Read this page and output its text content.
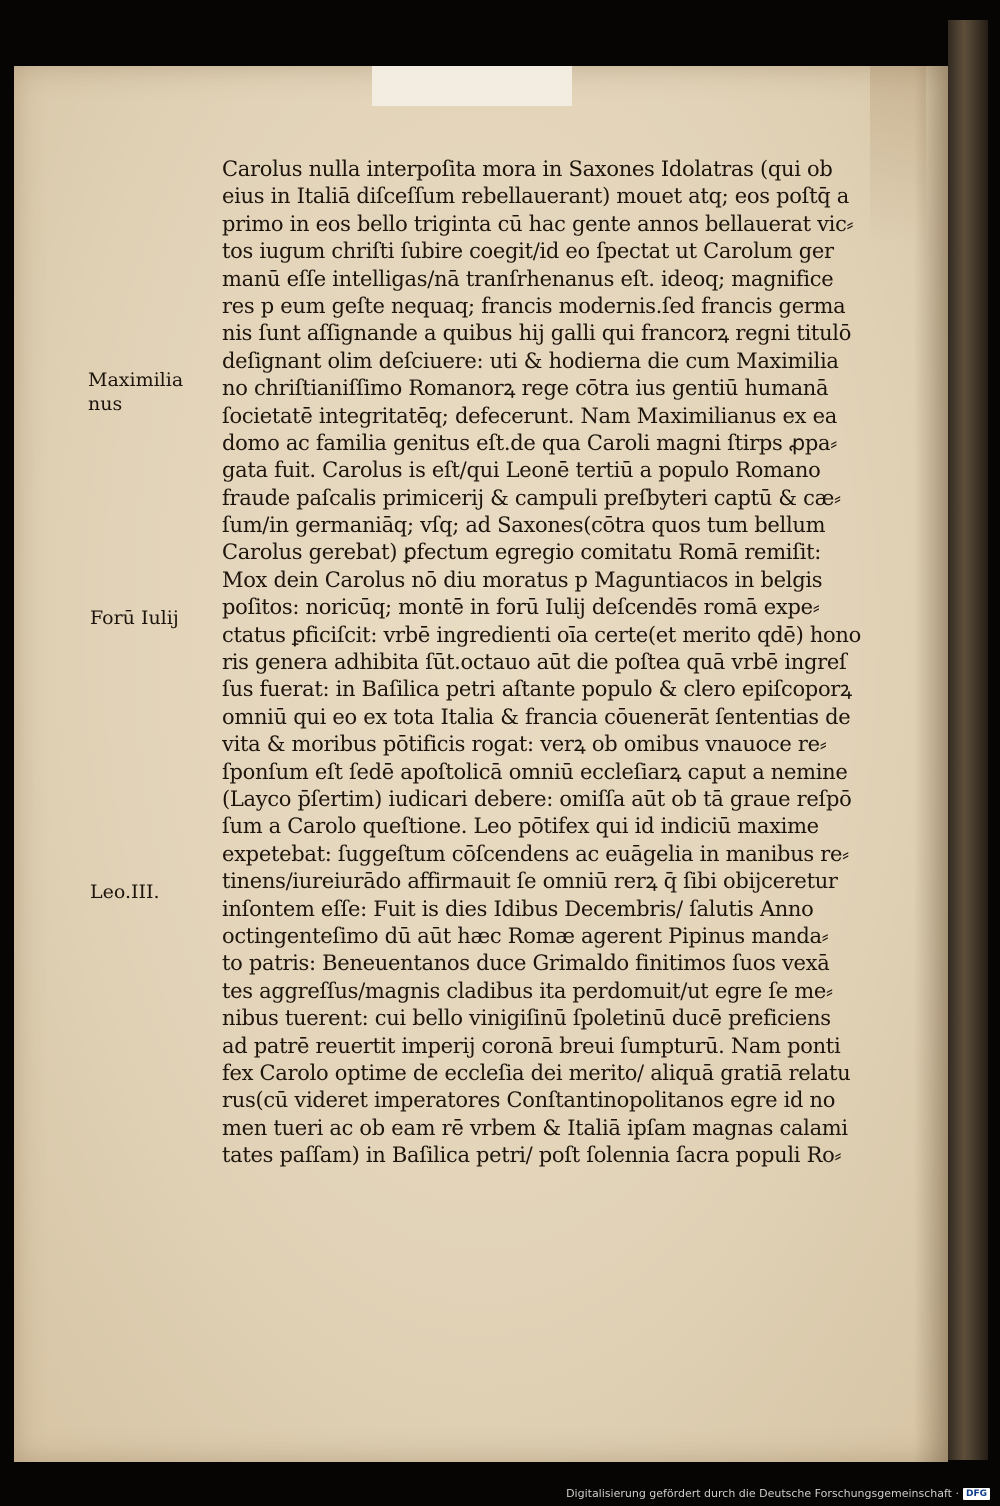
Maximilia
nus
Forū Iulij
Leo.III.
Carolus nulla interpoſita mora in Saxones Idolatras (qui ob
eius in Italiā diſceſſum rebellauerant) mouet atq; eos poſtq̄ a
primo in eos bello triginta cū hac gente annos bellauerat vic⸗
tos iugum chriſti ſubire coegit/id eo ſpectat ut Carolum ger
manū eſſe intelligas/nā tranſrhenanus eſt. ideoq; magnifice
res p eum geſte nequaq; francis modernis.ſed francis germa
nis ſunt aſſignande a quibus hij galli qui francorꝝ regni titulō
deſignant olim deſciuere: uti & hodierna die cum Maximilia
no chriſtianiſſimo Romanorꝝ rege cōtra ius gentiū humanā
ſocietatē integritatēq; defecerunt. Nam Maximilianus ex ea
domo ac familia genitus eſt.de qua Caroli magni ſtirps ꝓpa⸗
gata fuit. Carolus is eſt/qui Leonē tertiū a populo Romano
fraude paſcalis primicerij & campuli preſbyteri captū & cæ⸗
ſum/in germaniāq; vſq; ad Saxones(cōtra quos tum bellum
Carolus gerebat) ꝑfectum egregio comitatu Romā remiſit:
Mox dein Carolus nō diu moratus p Maguntiacos in belgis
poſitos: noricūq; montē in forū Iulij deſcendēs romā expe⸗
ctatus ꝑficiſcit: vrbē ingredienti oīa certe(et merito qdē) hono
ris genera adhibita ſūt.octauo aūt die poſtea quā vrbē ingreſ
ſus fuerat: in Baſilica petri aſtante populo & clero epiſcoporꝝ
omniū qui eo ex tota Italia & francia cōuenerāt ſententias de
vita & moribus pōtificis rogat: verꝝ ob omibus vnauoce re⸗
ſponſum eſt ſedē apoſtolicā omniū eccleſiarꝝ caput a nemine
(Layco p̄ſertim) iudicari debere: omiſſa aūt ob tā graue reſpō
ſum a Carolo queſtione. Leo pōtifex qui id indiciū maxime
expetebat: ſuggeſtum cōſcendens ac euāgelia in manibus re⸗
tinens/iureiurādo affirmauit ſe omniū rerꝝ q̄ ſibi obijceretur
inſontem eſſe: Fuit is dies Idibus Decembris/ ſalutis Anno
octingenteſimo dū aūt hæc Romæ agerent Pipinus manda⸗
to patris: Beneuentanos duce Grimaldo finitimos ſuos vexā
tes aggreſſus/magnis cladibus ita perdomuit/ut egre ſe me⸗
nibus tuerent: cui bello vinigiſinū ſpoletinū ducē preficiens
ad patrē reuertit imperij coronā breui ſumpturū. Nam ponti
fex Carolo optime de eccleſia dei merito/ aliquā gratiā relatu
rus(cū videret imperatores Conſtantinopolitanos egre id no
men tueri ac ob eam rē vrbem & Italiā ipſam magnas calami
tates paſſam) in Baſilica petri/ poſt ſolennia ſacra populi Ro⸗
Digitalisierung gefördert durch die Deutsche Forschungsgemeinschaft · DFG
